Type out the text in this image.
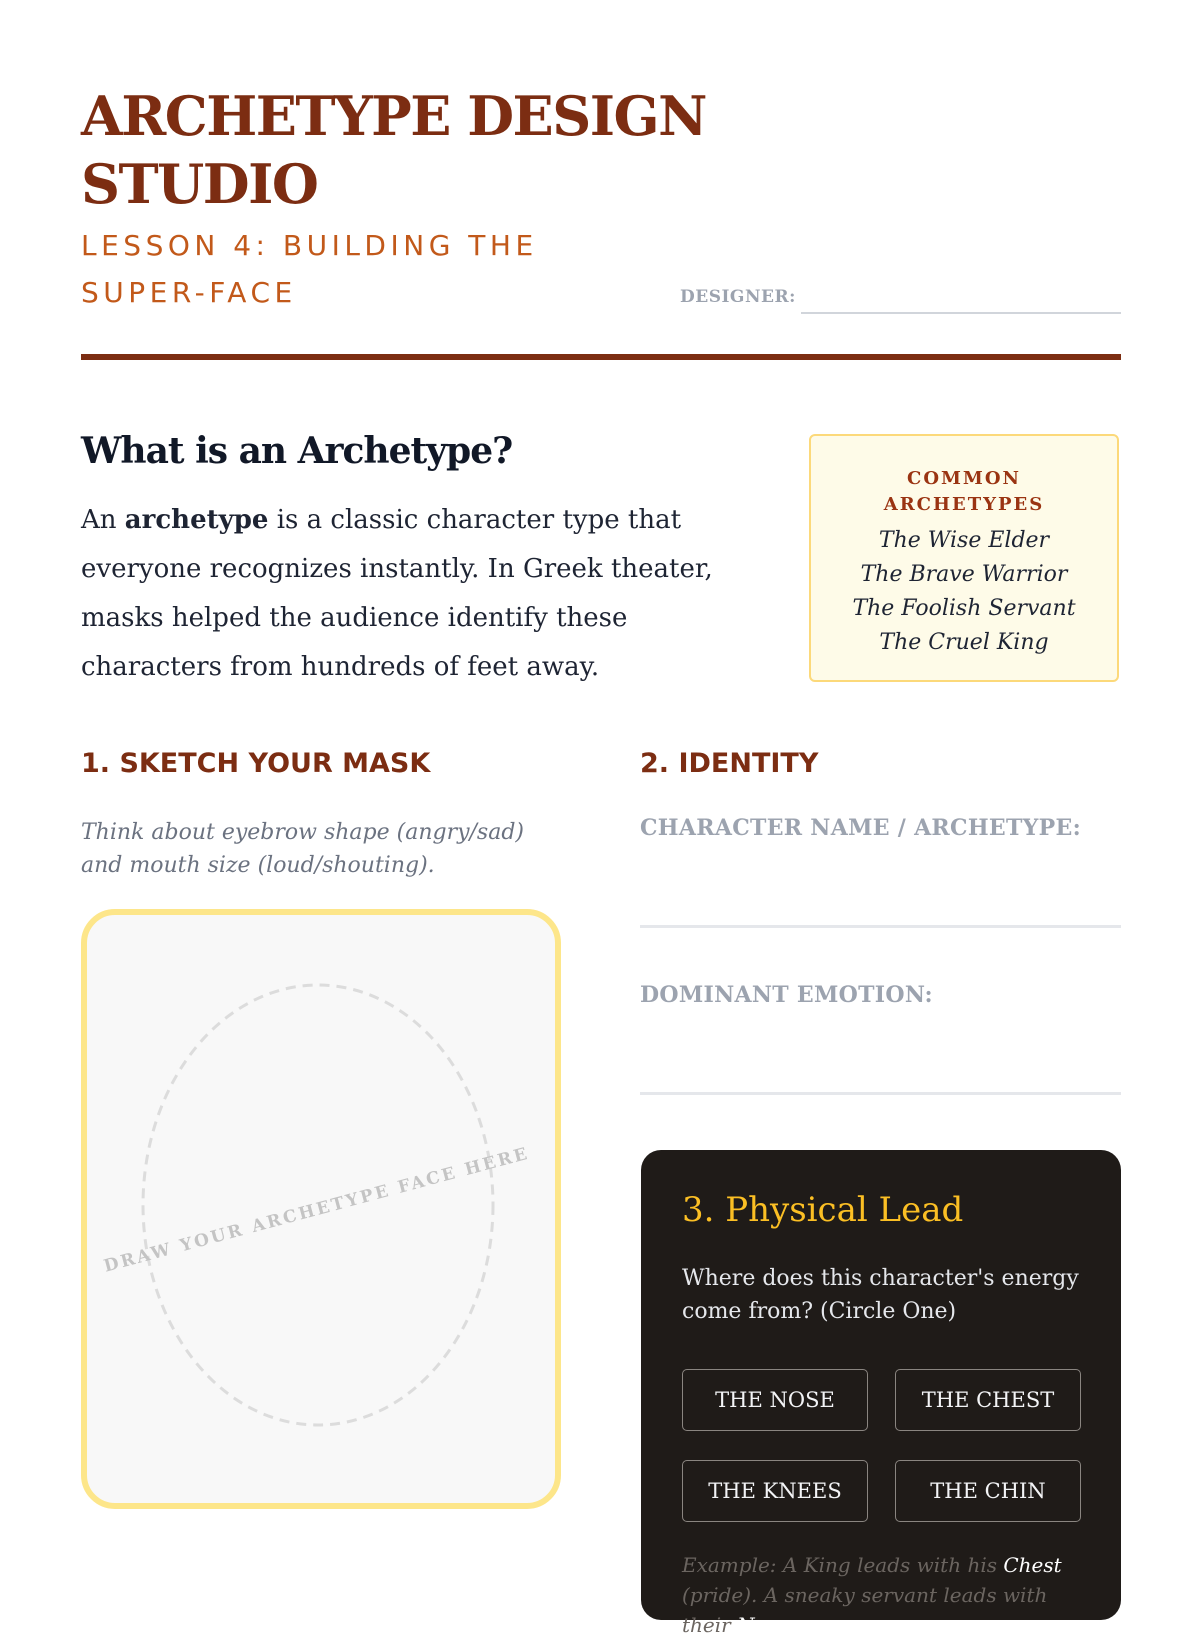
ARCHETYPE DESIGN STUDIO
LESSON 4: BUILDING THE SUPER-FACE	DESIGNER:
What is an Archetype?

An archetype is a classic character type that everyone recognizes instantly. In Greek theater, masks helped the audience identify these characters from hundreds of feet away.

COMMON ARCHETYPES
The Wise Elder
The Brave Warrior
The Foolish Servant
The Cruel King
1. SKETCH YOUR MASK

Think about eyebrow shape (angry/sad) and mouth size (loud/shouting).

DRAW YOUR ARCHETYPE FACE HERE
2. IDENTITY
CHARACTER NAME / ARCHETYPE:
DOMINANT EMOTION:
3. Physical Lead

Where does this character's energy come from? (Circle One)

THE NOSE	THE CHEST
THE KNEES	THE CHIN

Example: A King leads with his Chest (pride). A sneaky servant leads with their Nose
